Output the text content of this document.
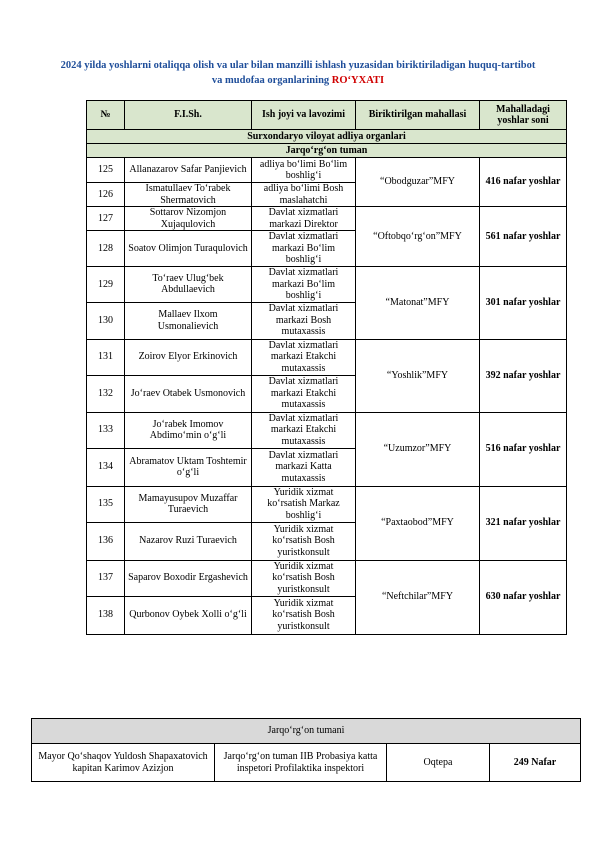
2024 yilda yoshlarni otaliqqa olish va ular bilan manzilli ishlash yuzasidan biriktiriladigan huquq-tartibot va mudofaa organlarining RO‘YXATI
№	F.I.Sh.	Ish joyi va lavozimi	Biriktirilgan mahallasi	Mahalladagi yoshlar soni
Surxondaryo viloyat adliya organlari				
Jarqo‘rg‘on tuman				
125	Allanazarov Safar Panjievich	adliya bo‘limi Bo‘lim boshlig‘i	“Obodguzar”MFY	416 nafar yoshlar
126	Ismatullaev To‘rabek Shermatovich	adliya bo‘limi Bosh maslahatchi		
127	Sottarov Nizomjon Xujaqulovich	Davlat xizmatlari markazi Direktor	“Oftobqo‘rg‘on”MFY	561 nafar yoshlar
128	Soatov Olimjon Turaqulovich	Davlat xizmatlari markazi Bo‘lim boshlig‘i		
129	To‘raev Ulug‘bek Abdullaevich	Davlat xizmatlari markazi Bo‘lim boshlig‘i	“Matonat”MFY	301 nafar yoshlar
130	Mallaev Ilxom Usmonalievich	Davlat xizmatlari markazi Bosh mutaxassis		
131	Zoirov Elyor Erkinovich	Davlat xizmatlari markazi Etakchi mutaxassis	“Yoshlik”MFY	392 nafar yoshlar
132	Jo‘raev Otabek Usmonovich	Davlat xizmatlari markazi Etakchi mutaxassis		
133	Jo‘rabek Imomov Abdimo‘min o‘g‘li	Davlat xizmatlari markazi Etakchi mutaxassis	“Uzumzor”MFY	516 nafar yoshlar
134	Abramatov Uktam Toshtemir o‘g‘li	Davlat xizmatlari markazi Katta mutaxassis		
135	Mamayusupov Muzaffar Turaevich	Yuridik xizmat ko‘rsatish Markaz boshlig‘i	“Paxtaobod”MFY	321 nafar yoshlar
136	Nazarov Ruzi Turaevich	Yuridik xizmat ko‘rsatish Bosh yuristkonsult		
137	Saparov Boxodir Ergashevich	Yuridik xizmat ko‘rsatish Bosh yuristkonsult	“Neftchilar”MFY	630 nafar yoshlar
138	Qurbonov Oybek Xolli o‘g‘li	Yuridik xizmat ko‘rsatish Bosh yuristkonsult		
Jarqo‘rg‘on tumani
Mayor Qo‘shaqov Yuldosh Shapaxatovich
kapitan Karimov Azizjon	Jarqo‘rg‘on tuman IIB Probasiya katta inspetori Profilaktika inspektori	Oqtepa	249 Nafar
